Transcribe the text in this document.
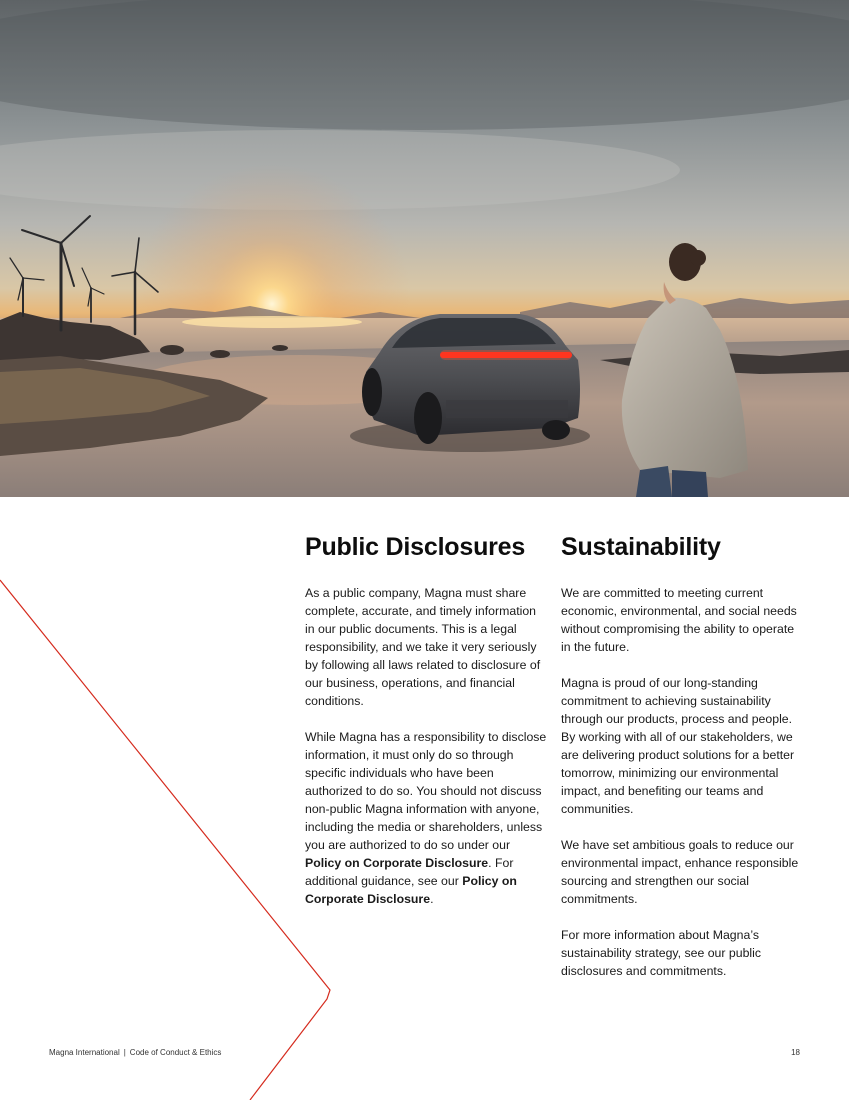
Public Disclosures

As a public company, Magna must share complete, accurate, and timely information in our public documents. This is a legal responsibility, and we take it very seriously by following all laws related to disclosure of our business, operations, and financial conditions.

While Magna has a responsibility to disclose information, it must only do so through specific individuals who have been authorized to do so. You should not discuss non-public Magna information with anyone, including the media or shareholders, unless you are authorized to do so under our Policy on Corporate Disclosure. For additional guidance, see our Policy on Corporate Disclosure.

Sustainability

We are committed to meeting current economic, environmental, and social needs without compromising the ability to operate in the future.

Magna is proud of our long-standing commitment to achieving sustainability through our products, process and people. By working with all of our stakeholders, we are delivering product solutions for a better tomorrow, minimizing our environmental impact, and benefiting our teams and communities.

We have set ambitious goals to reduce our environmental impact, enhance responsible sourcing and strengthen our social commitments.

For more information about Magna’s sustainability strategy, see our public disclosures and commitments.

Magna International | Code of Conduct & Ethics	18
